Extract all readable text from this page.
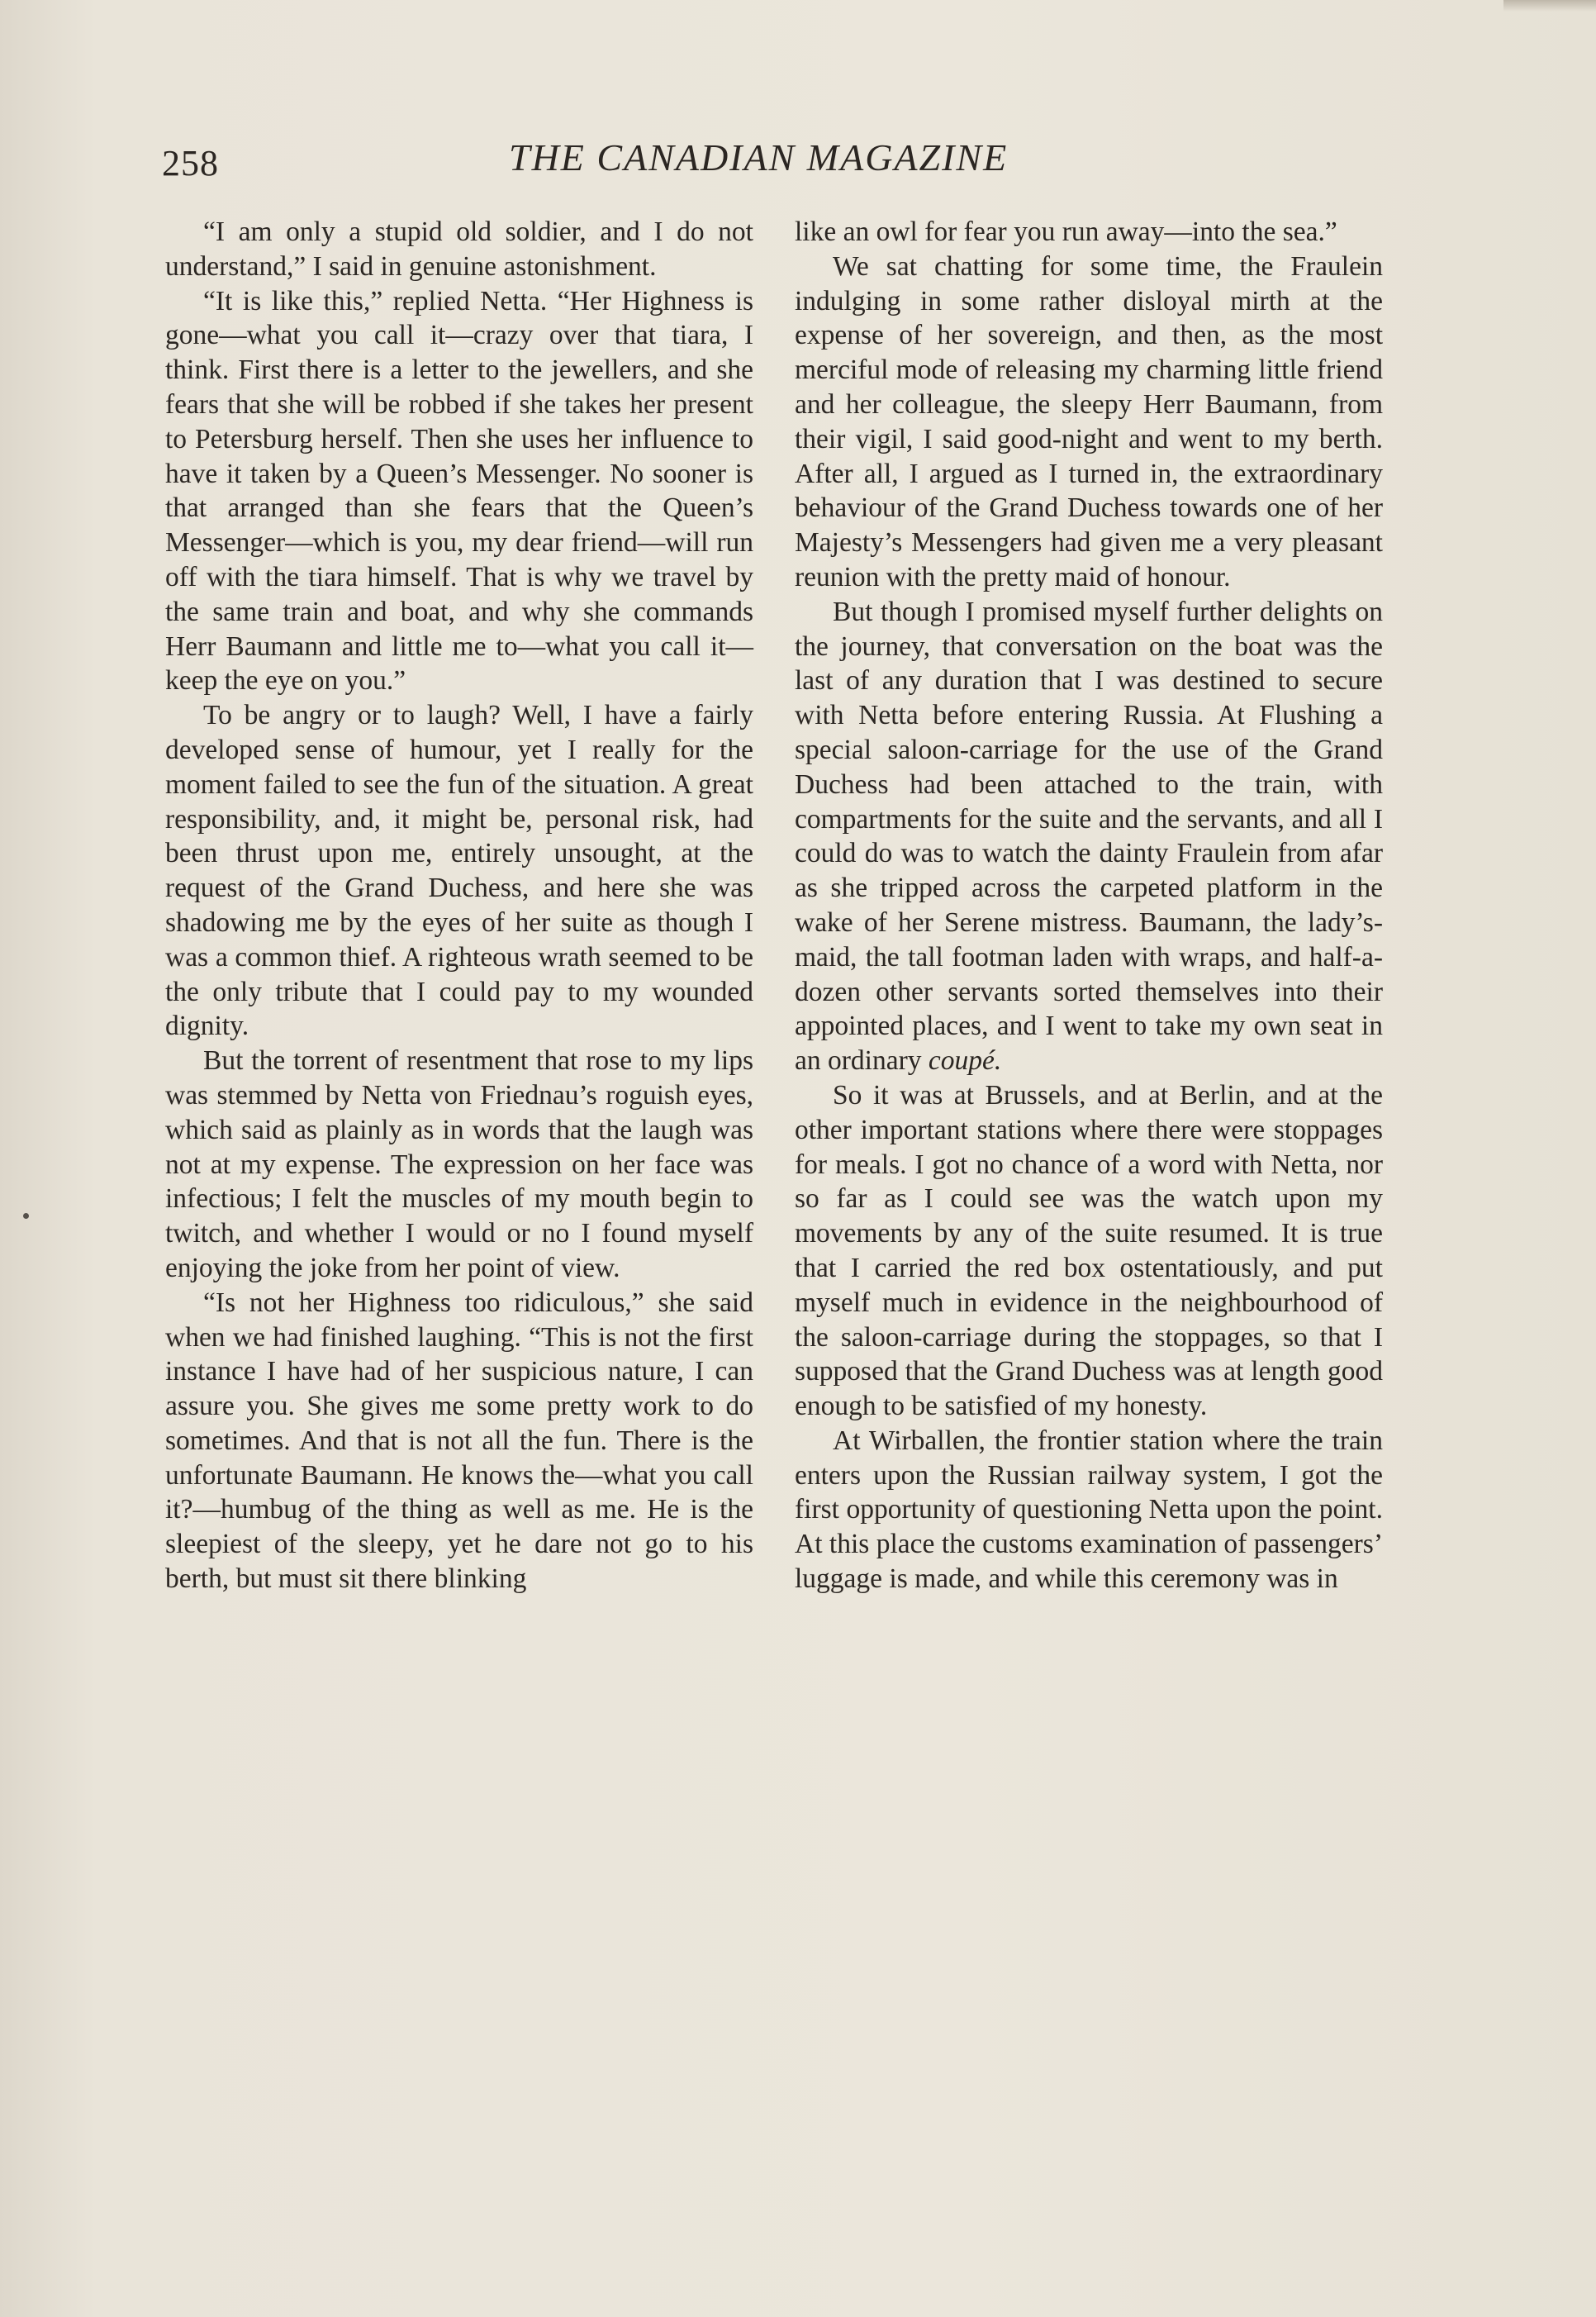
258	THE CANADIAN MAGAZINE

“I am only a stupid old soldier, and I do not understand,” I said in genuine astonishment.

“It is like this,” replied Netta. “Her Highness is gone—what you call it—crazy over that tiara, I think. First there is a letter to the jewellers, and she fears that she will be robbed if she takes her present to Petersburg herself. Then she uses her influence to have it taken by a Queen’s Messenger. No sooner is that arranged than she fears that the Queen’s Messenger—which is you, my dear friend—will run off with the tiara himself. That is why we travel by the same train and boat, and why she commands Herr Baumann and little me to—what you call it—keep the eye on you.”

To be angry or to laugh? Well, I have a fairly developed sense of humour, yet I really for the moment failed to see the fun of the situation. A great responsibility, and, it might be, personal risk, had been thrust upon me, entirely unsought, at the request of the Grand Duchess, and here she was shadowing me by the eyes of her suite as though I was a common thief. A righteous wrath seemed to be the only tribute that I could pay to my wounded dignity.

But the torrent of resentment that rose to my lips was stemmed by Netta von Friednau’s roguish eyes, which said as plainly as in words that the laugh was not at my expense. The expression on her face was infectious; I felt the muscles of my mouth begin to twitch, and whether I would or no I found myself enjoying the joke from her point of view.

“Is not her Highness too ridiculous,” she said when we had finished laughing. “This is not the first instance I have had of her suspicious nature, I can assure you. She gives me some pretty work to do sometimes. And that is not all the fun. There is the unfortunate Baumann. He knows the—what you call it?—humbug of the thing as well as me. He is the sleepiest of the sleepy, yet he dare not go to his berth, but must sit there blinking

like an owl for fear you run away—into the sea.”

We sat chatting for some time, the Fraulein indulging in some rather disloyal mirth at the expense of her sovereign, and then, as the most merciful mode of releasing my charming little friend and her colleague, the sleepy Herr Baumann, from their vigil, I said good-night and went to my berth. After all, I argued as I turned in, the extraordinary behaviour of the Grand Duchess towards one of her Majesty’s Messengers had given me a very pleasant reunion with the pretty maid of honour.

But though I promised myself further delights on the journey, that conversation on the boat was the last of any duration that I was destined to secure with Netta before entering Russia. At Flushing a special saloon-carriage for the use of the Grand Duchess had been attached to the train, with compartments for the suite and the servants, and all I could do was to watch the dainty Fraulein from afar as she tripped across the carpeted platform in the wake of her Serene mistress. Baumann, the lady’s-maid, the tall footman laden with wraps, and half-a-dozen other servants sorted themselves into their appointed places, and I went to take my own seat in an ordinary coupé.

So it was at Brussels, and at Berlin, and at the other important stations where there were stoppages for meals. I got no chance of a word with Netta, nor so far as I could see was the watch upon my movements by any of the suite resumed. It is true that I carried the red box ostentatiously, and put myself much in evidence in the neighbourhood of the saloon-carriage during the stoppages, so that I supposed that the Grand Duchess was at length good enough to be satisfied of my honesty.

At Wirballen, the frontier station where the train enters upon the Russian railway system, I got the first opportunity of questioning Netta upon the point. At this place the customs examination of passengers’ luggage is made, and while this ceremony was in
